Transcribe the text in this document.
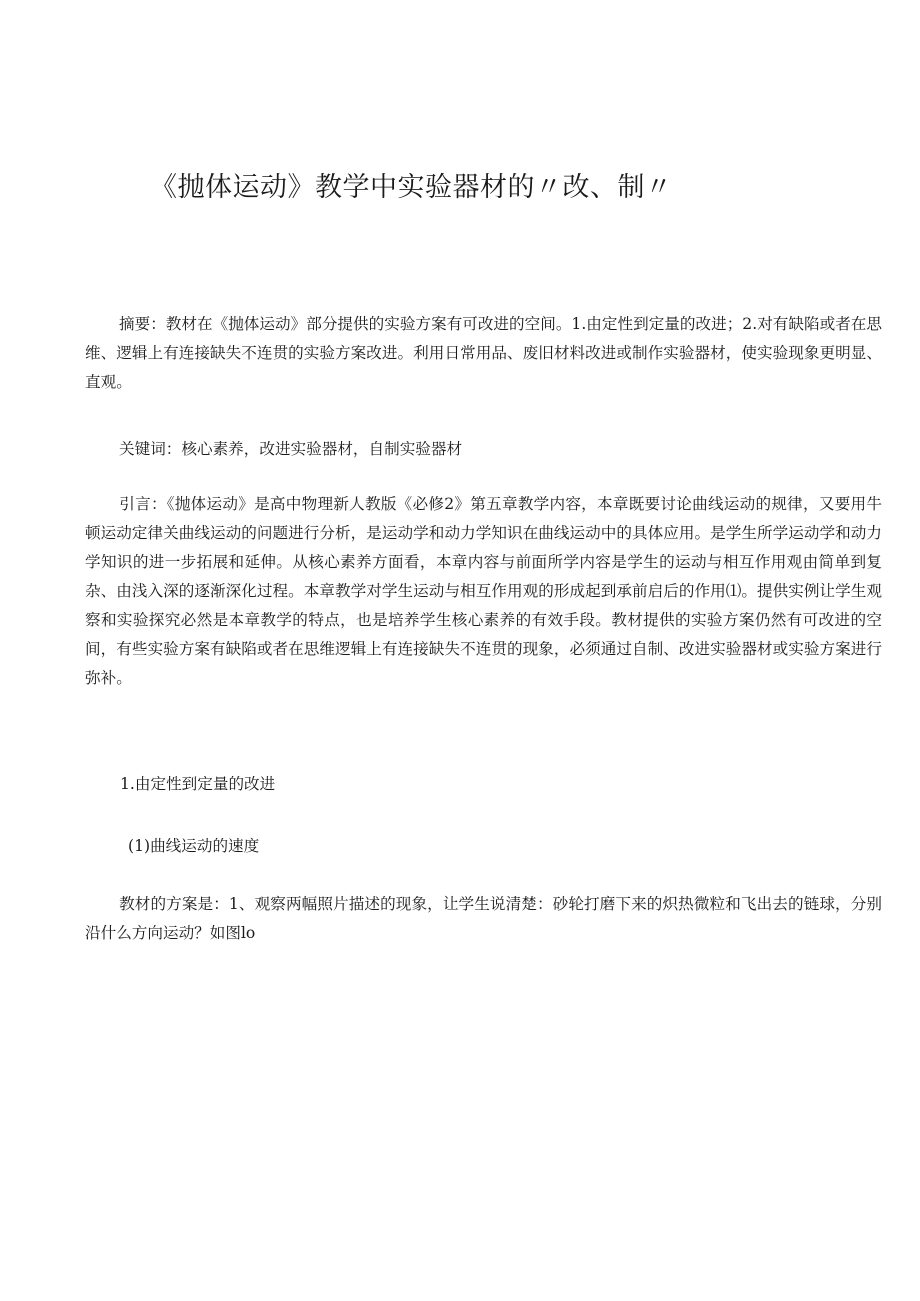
《抛体运动》教学中实验器材的〃改、制〃

摘要：教材在《抛体运动》部分提供的实验方案有可改进的空间。1.由定性到定量的改进；2.对有缺陷或者在思维、逻辑上有连接缺失不连贯的实验方案改进。利用日常用品、废旧材料改进或制作实验器材，使实验现象更明显、直观。

关键词：核心素养，改进实验器材，自制实验器材

引言：《抛体运动》是高中物理新人教版《必修2》第五章教学内容，本章既要讨论曲线运动的规律，又要用牛顿运动定律关曲线运动的问题进行分析，是运动学和动力学知识在曲线运动中的具体应用。是学生所学运动学和动力学知识的进一步拓展和延伸。从核心素养方面看，本章内容与前面所学内容是学生的运动与相互作用观由简单到复杂、由浅入深的逐渐深化过程。本章教学对学生运动与相互作用观的形成起到承前启后的作用⑴。提供实例让学生观察和实验探究必然是本章教学的特点，也是培养学生核心素养的有效手段。教材提供的实验方案仍然有可改进的空间，有些实验方案有缺陷或者在思维逻辑上有连接缺失不连贯的现象，必须通过自制、改进实验器材或实验方案进行弥补。

1.由定性到定量的改进

(1)曲线运动的速度

教材的方案是：1、观察两幅照片描述的现象，让学生说清楚：砂轮打磨下来的炽热微粒和飞出去的链球，分别沿什么方向运动？如图lo
